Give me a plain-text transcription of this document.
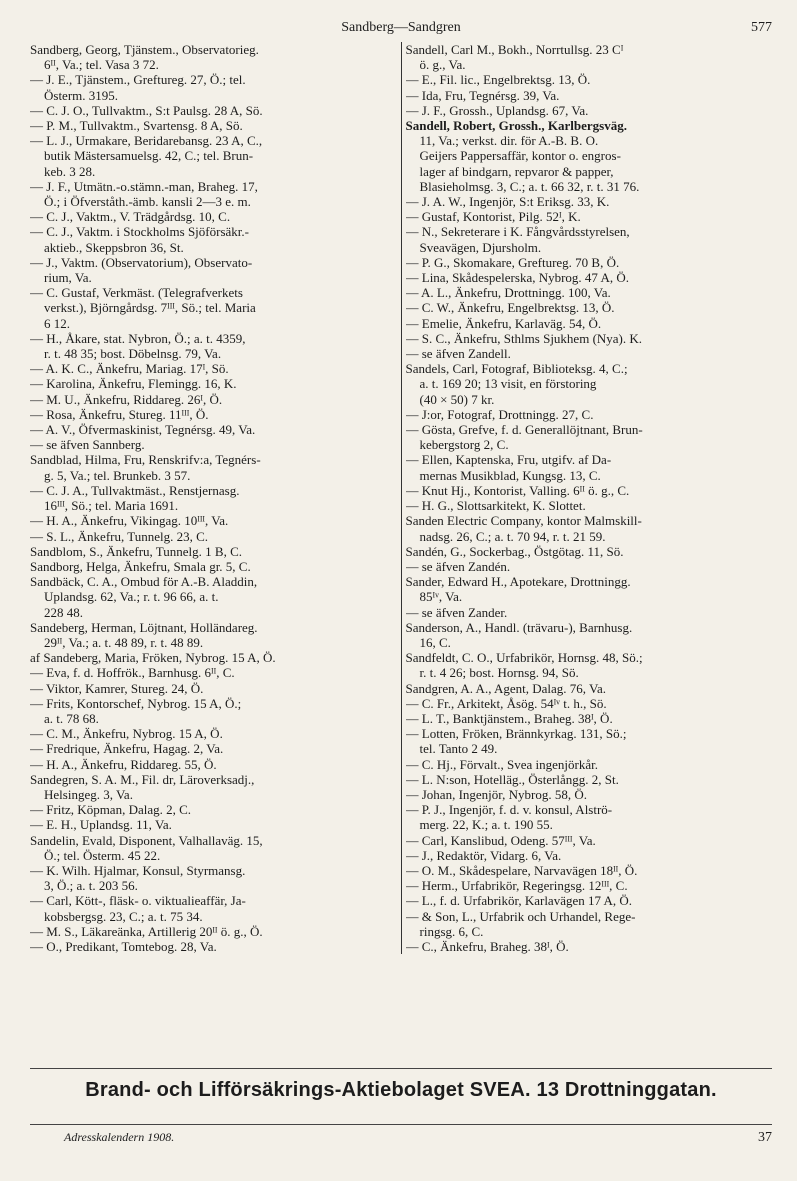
Sandberg—Sandgren	577
Sandberg, Georg, Tjänstem., Observatorieg.
6ᴵᴵ, Va.; tel. Vasa 3 72.
— J. E., Tjänstem., Greftureg. 27, Ö.; tel.
Österm. 3195.
— C. J. O., Tullvaktm., S:t Paulsg. 28 A, Sö.
— P. M., Tullvaktm., Svartensg. 8 A, Sö.
— L. J., Urmakare, Beridarebansg. 23 A, C.,
butik Mästersamuelsg. 42, C.; tel. Brun-
keb. 3 28.
— J. F., Utmätn.-o.stämn.-man, Braheg. 17,
Ö.; i Öfverståth.-ämb. kansli 2—3 e. m.
— C. J., Vaktm., V. Trädgårdsg. 10, C.
— C. J., Vaktm. i Stockholms Sjöförsäkr.-
aktieb., Skeppsbron 36, St.
— J., Vaktm. (Observatorium), Observato-
rium, Va.
— C. Gustaf, Verkmäst. (Telegrafverkets
verkst.), Björngårdsg. 7ᴵᴵᴵ, Sö.; tel. Maria
6 12.
— H., Åkare, stat. Nybron, Ö.; a. t. 4359,
r. t. 48 35; bost. Döbelnsg. 79, Va.
— A. K. C., Änkefru, Mariag. 17ᴵ, Sö.
— Karolina, Änkefru, Flemingg. 16, K.
— M. U., Änkefru, Riddareg. 26ᴵ, Ö.
— Rosa, Änkefru, Stureg. 11ᴵᴵᴵ, Ö.
— A. V., Öfvermaskinist, Tegnérsg. 49, Va.
— se äfven Sannberg.
Sandblad, Hilma, Fru, Renskrifv:a, Tegnérs-
g. 5, Va.; tel. Brunkeb. 3 57.
— C. J. A., Tullvaktmäst., Renstjernasg.
16ᴵᴵᴵ, Sö.; tel. Maria 1691.
— H. A., Änkefru, Vikingag. 10ᴵᴵᴵ, Va.
— S. L., Änkefru, Tunnelg. 23, C.
Sandblom, S., Änkefru, Tunnelg. 1 B, C.
Sandborg, Helga, Änkefru, Smala gr. 5, C.
Sandbäck, C. A., Ombud för A.-B. Aladdin,
Uplandsg. 62, Va.; r. t. 96 66, a. t.
228 48.
Sandeberg, Herman, Löjtnant, Holländareg.
29ᴵᴵ, Va.; a. t. 48 89, r. t. 48 89.
af Sandeberg, Maria, Fröken, Nybrog. 15 A, Ö.
— Eva, f. d. Hoffrök., Barnhusg. 6ᴵᴵ, C.
— Viktor, Kamrer, Stureg. 24, Ö.
— Frits, Kontorschef, Nybrog. 15 A, Ö.;
a. t. 78 68.
— C. M., Änkefru, Nybrog. 15 A, Ö.
— Fredrique, Änkefru, Hagag. 2, Va.
— H. A., Änkefru, Riddareg. 55, Ö.
Sandegren, S. A. M., Fil. dr, Läroverksadj.,
Helsingeg. 3, Va.
— Fritz, Köpman, Dalag. 2, C.
— E. H., Uplandsg. 11, Va.
Sandelin, Evald, Disponent, Valhallaväg. 15,
Ö.; tel. Österm. 45 22.
— K. Wilh. Hjalmar, Konsul, Styrmansg.
3, Ö.; a. t. 203 56.
— Carl, Kött-, fläsk- o. viktualieaffär, Ja-
kobsbergsg. 23, C.; a. t. 75 34.
— M. S., Läkareänka, Artillerig 20ᴵᴵ ö. g., Ö.
— O., Predikant, Tomtebog. 28, Va.
Sandell, Carl M., Bokh., Norrtullsg. 23 Cᴵ
ö. g., Va.
— E., Fil. lic., Engelbrektsg. 13, Ö.
— Ida, Fru, Tegnérsg. 39, Va.
— J. F., Grossh., Uplandsg. 67, Va.
Sandell, Robert, Grossh., Karlbergsväg.
11, Va.; verkst. dir. för A.-B. B. O.
Geijers Pappersaffär, kontor o. engros-
lager af bindgarn, repvaror & papper,
Blasieholmsg. 3, C.; a. t. 66 32, r. t. 31 76.
— J. A. W., Ingenjör, S:t Eriksg. 33, K.
— Gustaf, Kontorist, Pilg. 52ᴵ, K.
— N., Sekreterare i K. Fångvårdsstyrelsen,
Sveavägen, Djursholm.
— P. G., Skomakare, Greftureg. 70 B, Ö.
— Lina, Skådespelerska, Nybrog. 47 A, Ö.
— A. L., Änkefru, Drottningg. 100, Va.
— C. W., Änkefru, Engelbrektsg. 13, Ö.
— Emelie, Änkefru, Karlaväg. 54, Ö.
— S. C., Änkefru, Sthlms Sjukhem (Nya). K.
— se äfven Zandell.
Sandels, Carl, Fotograf, Biblioteksg. 4, C.;
a. t. 169 20; 13 visit, en förstoring
(40 × 50) 7 kr.
— J:or, Fotograf, Drottningg. 27, C.
— Gösta, Grefve, f. d. Generallöjtnant, Brun-
kebergstorg 2, C.
— Ellen, Kaptenska, Fru, utgifv. af Da-
mernas Musikblad, Kungsg. 13, C.
— Knut Hj., Kontorist, Valling. 6ᴵᴵ ö. g., C.
— H. G., Slottsarkitekt, K. Slottet.
Sanden Electric Company, kontor Malmskill-
nadsg. 26, C.; a. t. 70 94, r. t. 21 59.
Sandén, G., Sockerbag., Östgötag. 11, Sö.
— se äfven Zandén.
Sander, Edward H., Apotekare, Drottningg.
85ᴵᵛ, Va.
— se äfven Zander.
Sanderson, A., Handl. (trävaru-), Barnhusg.
16, C.
Sandfeldt, C. O., Urfabrikör, Hornsg. 48, Sö.;
r. t. 4 26; bost. Hornsg. 94, Sö.
Sandgren, A. A., Agent, Dalag. 76, Va.
— C. Fr., Arkitekt, Åsög. 54ᴵᵛ t. h., Sö.
— L. T., Banktjänstem., Braheg. 38ᴵ, Ö.
— Lotten, Fröken, Brännkyrkag. 131, Sö.;
tel. Tanto 2 49.
— C. Hj., Förvalt., Svea ingenjörkår.
— L. N:son, Hotelläg., Österlångg. 2, St.
— Johan, Ingenjör, Nybrog. 58, Ö.
— P. J., Ingenjör, f. d. v. konsul, Alströ-
merg. 22, K.; a. t. 190 55.
— Carl, Kanslibud, Odeng. 57ᴵᴵᴵ, Va.
— J., Redaktör, Vidarg. 6, Va.
— O. M., Skådespelare, Narvavägen 18ᴵᴵ, Ö.
— Herm., Urfabrikör, Regeringsg. 12ᴵᴵᴵ, C.
— L., f. d. Urfabrikör, Karlavägen 17 A, Ö.
— & Son, L., Urfabrik och Urhandel, Rege-
ringsg. 6, C.
— C., Änkefru, Braheg. 38ᴵ, Ö.
Brand- och Lifförsäkrings-Aktiebolaget SVEA. 13 Drottninggatan.
Adresskalendern 1908.	37
